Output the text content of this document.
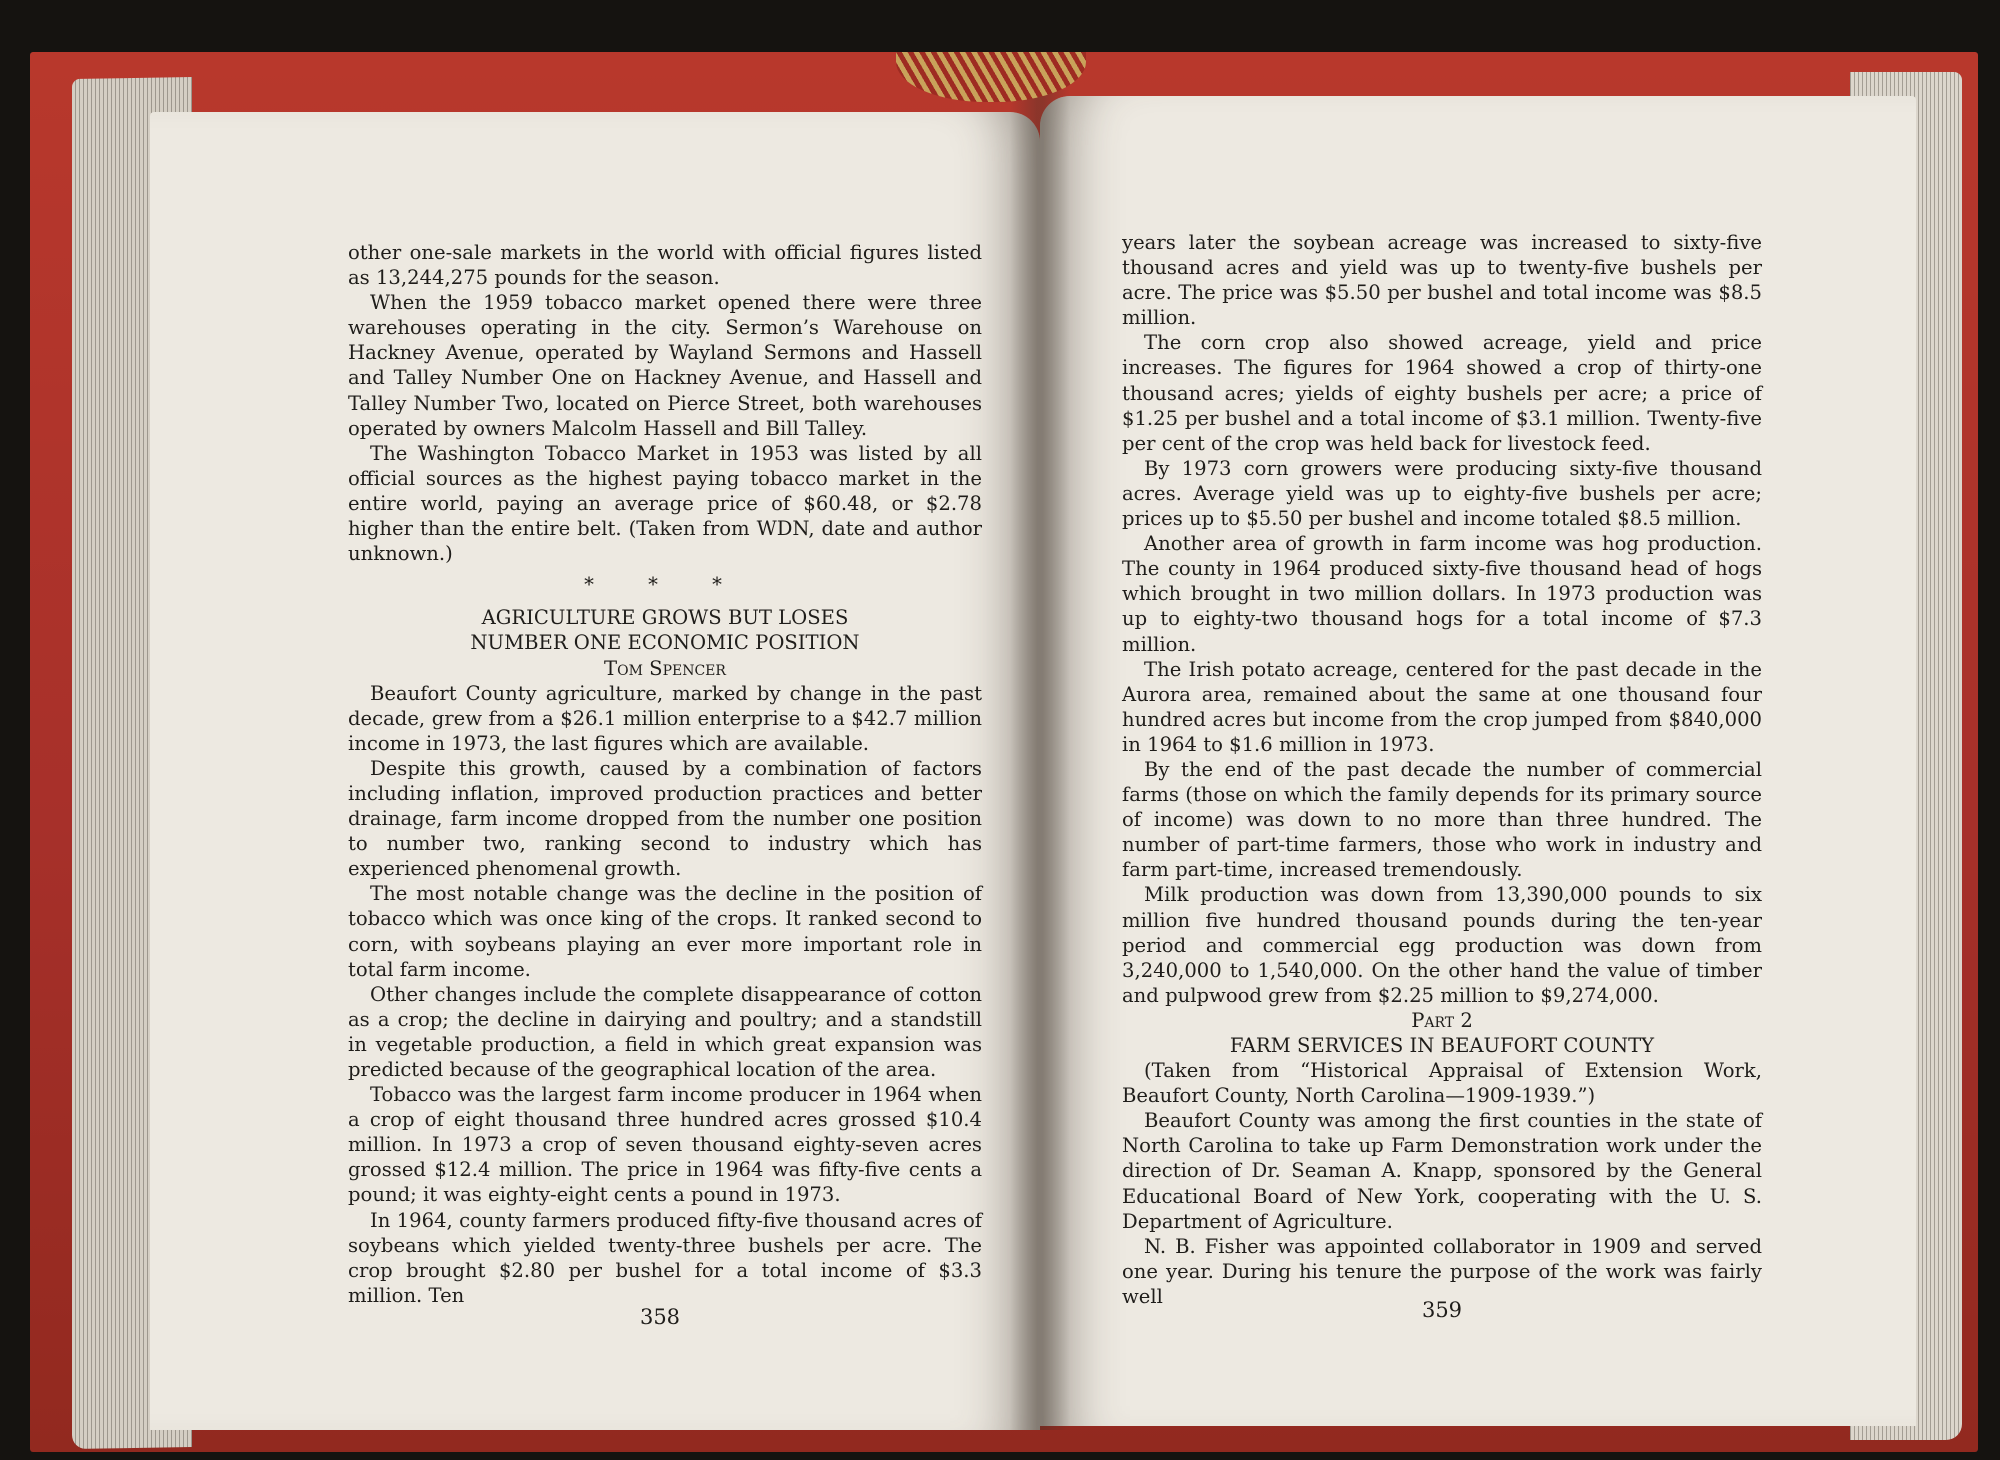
other one-sale markets in the world with official figures listed as 13,244,275 pounds for the season.

When the 1959 tobacco market opened there were three warehouses operating in the city. Sermon’s Warehouse on Hackney Avenue, operated by Wayland Sermons and Hassell and Talley Number One on Hackney Avenue, and Hassell and Talley Number Two, located on Pierce Street, both warehouses operated by owners Malcolm Hassell and Bill Talley.

The Washington Tobacco Market in 1953 was listed by all official sources as the highest paying tobacco market in the entire world, paying an average price of $60.48, or $2.78 higher than the entire belt. (Taken from WDN, date and author unknown.)

* * *

AGRICULTURE GROWS BUT LOSES

NUMBER ONE ECONOMIC POSITION

Tom Spencer

Beaufort County agriculture, marked by change in the past decade, grew from a $26.1 million enterprise to a $42.7 million income in 1973, the last figures which are available.

Despite this growth, caused by a combination of factors including inflation, improved production practices and better drainage, farm income dropped from the number one position to number two, ranking second to industry which has experienced phenomenal growth.

The most notable change was the decline in the position of tobacco which was once king of the crops. It ranked second to corn, with soybeans playing an ever more important role in total farm income.

Other changes include the complete disappearance of cotton as a crop; the decline in dairying and poultry; and a standstill in vegetable production, a field in which great expansion was predicted because of the geographical location of the area.

Tobacco was the largest farm income producer in 1964 when a crop of eight thousand three hundred acres grossed $10.4 million. In 1973 a crop of seven thousand eighty-seven acres grossed $12.4 million. The price in 1964 was fifty-five cents a pound; it was eighty-eight cents a pound in 1973.

In 1964, county farmers produced fifty-five thousand acres of soybeans which yielded twenty-three bushels per acre. The crop brought $2.80 per bushel for a total income of $3.3 million. Ten

358

years later the soybean acreage was increased to sixty-five thousand acres and yield was up to twenty-five bushels per acre. The price was $5.50 per bushel and total income was $8.5 million.

The corn crop also showed acreage, yield and price increases. The figures for 1964 showed a crop of thirty-one thousand acres; yields of eighty bushels per acre; a price of $1.25 per bushel and a total income of $3.1 million. Twenty-five per cent of the crop was held back for livestock feed.

By 1973 corn growers were producing sixty-five thousand acres. Average yield was up to eighty-five bushels per acre; prices up to $5.50 per bushel and income totaled $8.5 million.

Another area of growth in farm income was hog production. The county in 1964 produced sixty-five thousand head of hogs which brought in two million dollars. In 1973 production was up to eighty-two thousand hogs for a total income of $7.3 million.

The Irish potato acreage, centered for the past decade in the Aurora area, remained about the same at one thousand four hundred acres but income from the crop jumped from $840,000 in 1964 to $1.6 million in 1973.

By the end of the past decade the number of commercial farms (those on which the family depends for its primary source of income) was down to no more than three hundred. The number of part-time farmers, those who work in industry and farm part-time, increased tremendously.

Milk production was down from 13,390,000 pounds to six million five hundred thousand pounds during the ten-year period and commercial egg production was down from 3,240,000 to 1,540,000. On the other hand the value of timber and pulpwood grew from $2.25 million to $9,274,000.

Part 2

FARM SERVICES IN BEAUFORT COUNTY

(Taken from “Historical Appraisal of Extension Work, Beaufort County, North Carolina—1909-1939.”)

Beaufort County was among the first counties in the state of North Carolina to take up Farm Demonstration work under the direction of Dr. Seaman A. Knapp, sponsored by the General Educational Board of New York, cooperating with the U. S. Department of Agriculture.

N. B. Fisher was appointed collaborator in 1909 and served one year. During his tenure the purpose of the work was fairly well

359
